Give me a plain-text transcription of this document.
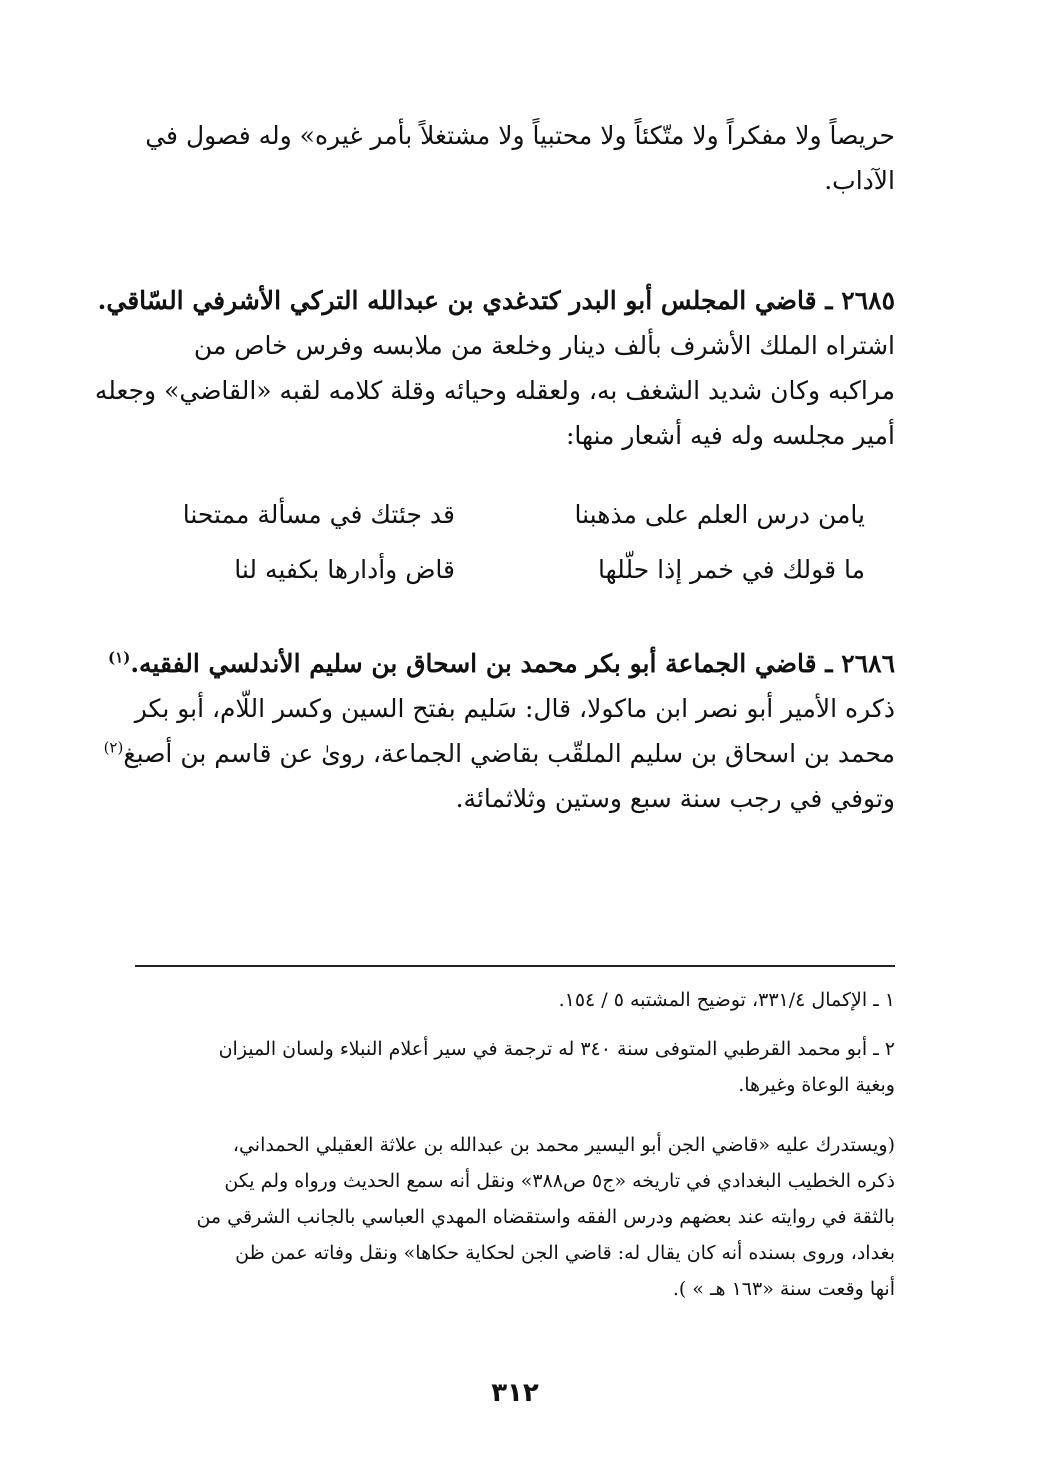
حريصاً ولا مفكراً ولا متّكئاً ولا محتبياً ولا مشتغلاً بأمر غيره» وله فصول في
الآداب.
٢٦٨٥ ـ قاضي المجلس أبو البدر كتدغدي بن عبدالله التركي الأشرفي السّاقي.
اشتراه الملك الأشرف بألف دينار وخلعة من ملابسه وفرس خاص من
مراكبه وكان شديد الشغف به، ولعقله وحيائه وقلة كلامه لقبه «القاضي» وجعله
أمير مجلسه وله فيه أشعار منها:
يامن درس العلم على مذهبنا
قد جئتك في مسألة ممتحنا
ما قولك في خمر إذا حلّلها
قاض وأدارها بكفيه لنا
٢٦٨٦ ـ قاضي الجماعة أبو بكر محمد بن اسحاق بن سليم الأندلسي الفقيه.$^{(١)}$
ذكره الأمير أبو نصر ابن ماكولا، قال: سَليم بفتح السين وكسر اللّام، أبو بكر
محمد بن اسحاق بن سليم الملقّب بقاضي الجماعة، روىٰ عن قاسم بن أصبغ$^{(٢)}$
وتوفي في رجب سنة سبع وستين وثلاثمائة.
١ ـ الإكمال ٣٣١/٤، توضيح المشتبه ٥ / ١٥٤.
٢ ـ أبو محمد القرطبي المتوفى سنة ٣٤٠ له ترجمة في سير أعلام النبلاء ولسان الميزان
وبغية الوعاة وغيرها.
(ويستدرك عليه «قاضي الجن أبو اليسير محمد بن عبدالله بن علاثة العقيلي الحمداني،
ذكره الخطيب البغدادي في تاريخه «ج٥ ص٣٨٨» ونقل أنه سمع الحديث ورواه ولم يكن
بالثقة في روايته عند بعضهم ودرس الفقه واستقضاه المهدي العباسي بالجانب الشرقي من
بغداد، وروى بسنده أنه كان يقال له: قاضي الجن لحكاية حكاها» ونقل وفاته عمن ظن
أنها وقعت سنة «١٦٣ هـ » ).
٣١٢
